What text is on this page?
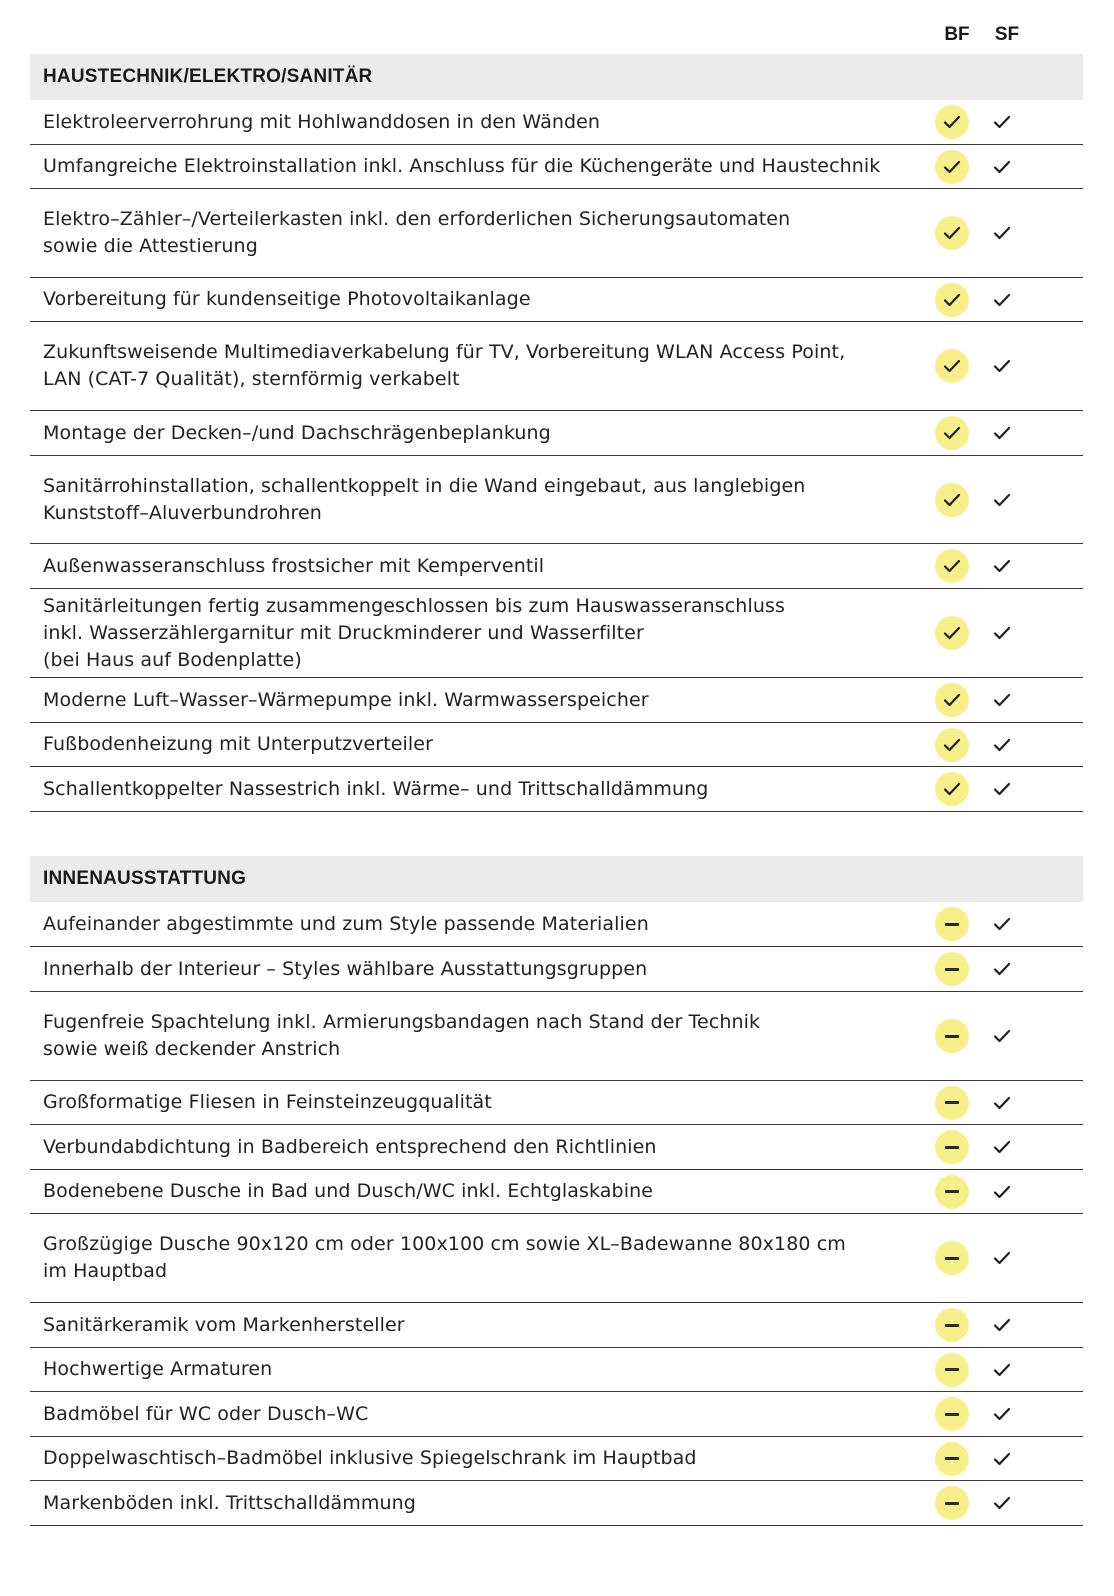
BF	SF
HAUSTECHNIK/ELEKTRO/SANITÄR
Elektroleerverrohrung mit Hohlwanddosen in den Wänden
Umfangreiche Elektroinstallation inkl. Anschluss für die Küchengeräte und Haustechnik
Elektro–Zähler–/Verteilerkasten inkl. den erforderlichen Sicherungsautomaten
sowie die Attestierung
Vorbereitung für kundenseitige Photovoltaikanlage
Zukunftsweisende Multimediaverkabelung für TV, Vorbereitung WLAN Access Point,
LAN (CAT-7 Qualität), sternförmig verkabelt
Montage der Decken–/und Dachschrägenbeplankung
Sanitärrohinstallation, schallentkoppelt in die Wand eingebaut, aus langlebigen
Kunststoff–Aluverbundrohren
Außenwasseranschluss frostsicher mit Kemperventil
Sanitärleitungen fertig zusammengeschlossen bis zum Hauswasseranschluss
inkl. Wasserzählergarnitur mit Druckminderer und Wasserfilter
(bei Haus auf Bodenplatte)
Moderne Luft–Wasser–Wärmepumpe inkl. Warmwasserspeicher
Fußbodenheizung mit Unterputzverteiler
Schallentkoppelter Nassestrich inkl. Wärme– und Trittschalldämmung
INNENAUSSTATTUNG
Aufeinander abgestimmte und zum Style passende Materialien
Innerhalb der Interieur – Styles wählbare Ausstattungsgruppen
Fugenfreie Spachtelung inkl. Armierungsbandagen nach Stand der Technik
sowie weiß deckender Anstrich
Großformatige Fliesen in Feinsteinzeugqualität
Verbundabdichtung in Badbereich entsprechend den Richtlinien
Bodenebene Dusche in Bad und Dusch/WC inkl. Echtglaskabine
Großzügige Dusche 90x120 cm oder 100x100 cm sowie XL–Badewanne 80x180 cm
im Hauptbad
Sanitärkeramik vom Markenhersteller
Hochwertige Armaturen
Badmöbel für WC oder Dusch–WC
Doppelwaschtisch–Badmöbel inklusive Spiegelschrank im Hauptbad
Markenböden inkl. Trittschalldämmung
